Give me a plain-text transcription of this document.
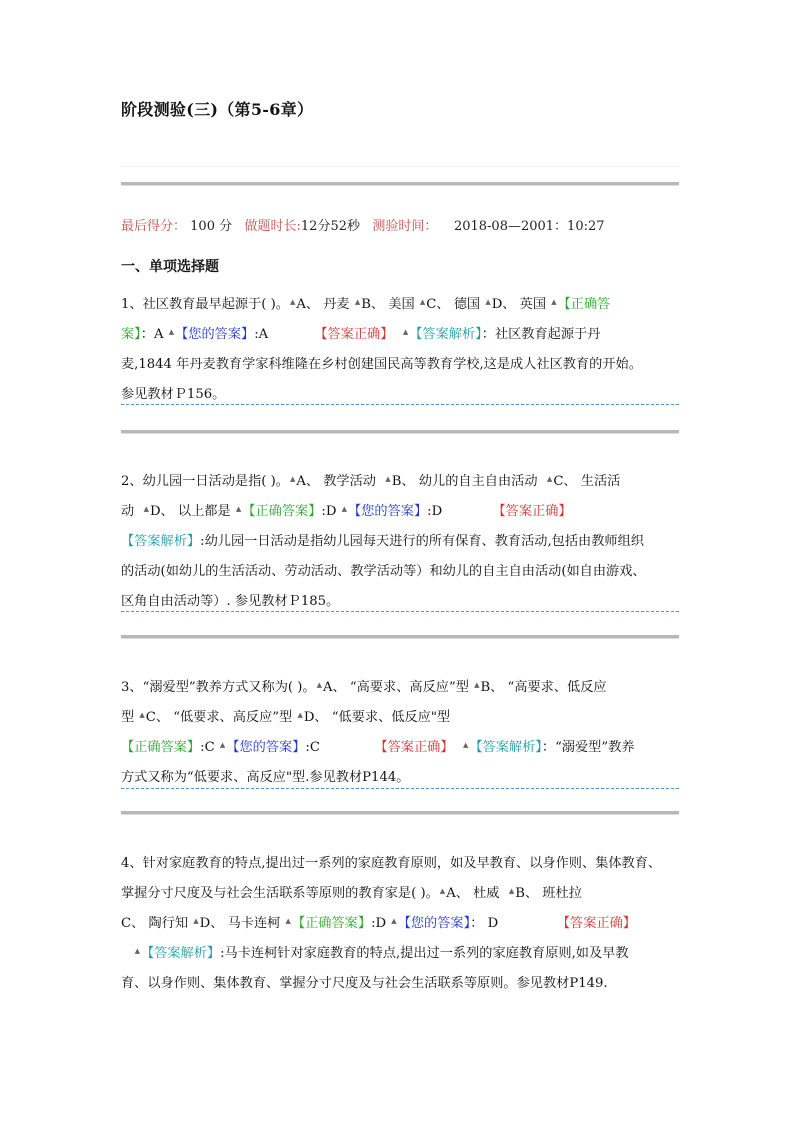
阶段测验(三)（第5-6章）
最后得分： 100 分 做题时长:12分52秒 测验时间： 2018-08—2001：10:27
一、单项选择题
1、社区教育最早起源于( )。▲A、 丹麦 ▲B、 美国 ▲C、 德国 ▲D、 英国 ▲【正确答
案】：A ▲【您的答案】:A	【答案正确】 ▲【答案解析】：社区教育起源于丹
麦,1844 年丹麦教育学家科维隆在乡村创建国民高等教育学校,这是成人社区教育的开始。
参见教材Ｐ156。
2、幼儿园一日活动是指( )。▲A、 教学活动 ▲B、 幼儿的自主自由活动 ▲C、 生活活
动 ▲D、 以上都是 ▲【正确答案】:D ▲【您的答案】:D	【答案正确】
【答案解析】:幼儿园一日活动是指幼儿园每天进行的所有保育、教育活动,包括由教师组织
的活动(如幼儿的生活活动、劳动活动、教学活动等）和幼儿的自主自由活动(如自由游戏、
区角自由活动等）. 参见教材Ｐ185。
3、“溺爱型”教养方式又称为( )。▲A、 “高要求、高反应”型 ▲B、 “高要求、低反应
型 ▲C、 “低要求、高反应”型 ▲D、 “低要求、低反应"型
【正确答案】:C ▲【您的答案】:C	【答案正确】 ▲【答案解析】：“溺爱型”教养
方式又称为“低要求、高反应"型.参见教材P144。
4、针对家庭教育的特点,提出过一系列的家庭教育原则，如及早教育、以身作则、集体教育、
掌握分寸尺度及与社会生活联系等原则的教育家是( )。▲A、 杜威 ▲B、 班杜拉
C、 陶行知 ▲D、 马卡连柯 ▲【正确答案】:D ▲【您的答案】： D	【答案正确】
▲【答案解析】:马卡连柯针对家庭教育的特点,提出过一系列的家庭教育原则,如及早教
育、以身作则、集体教育、掌握分寸尺度及与社会生活联系等原则。参见教材P149.
